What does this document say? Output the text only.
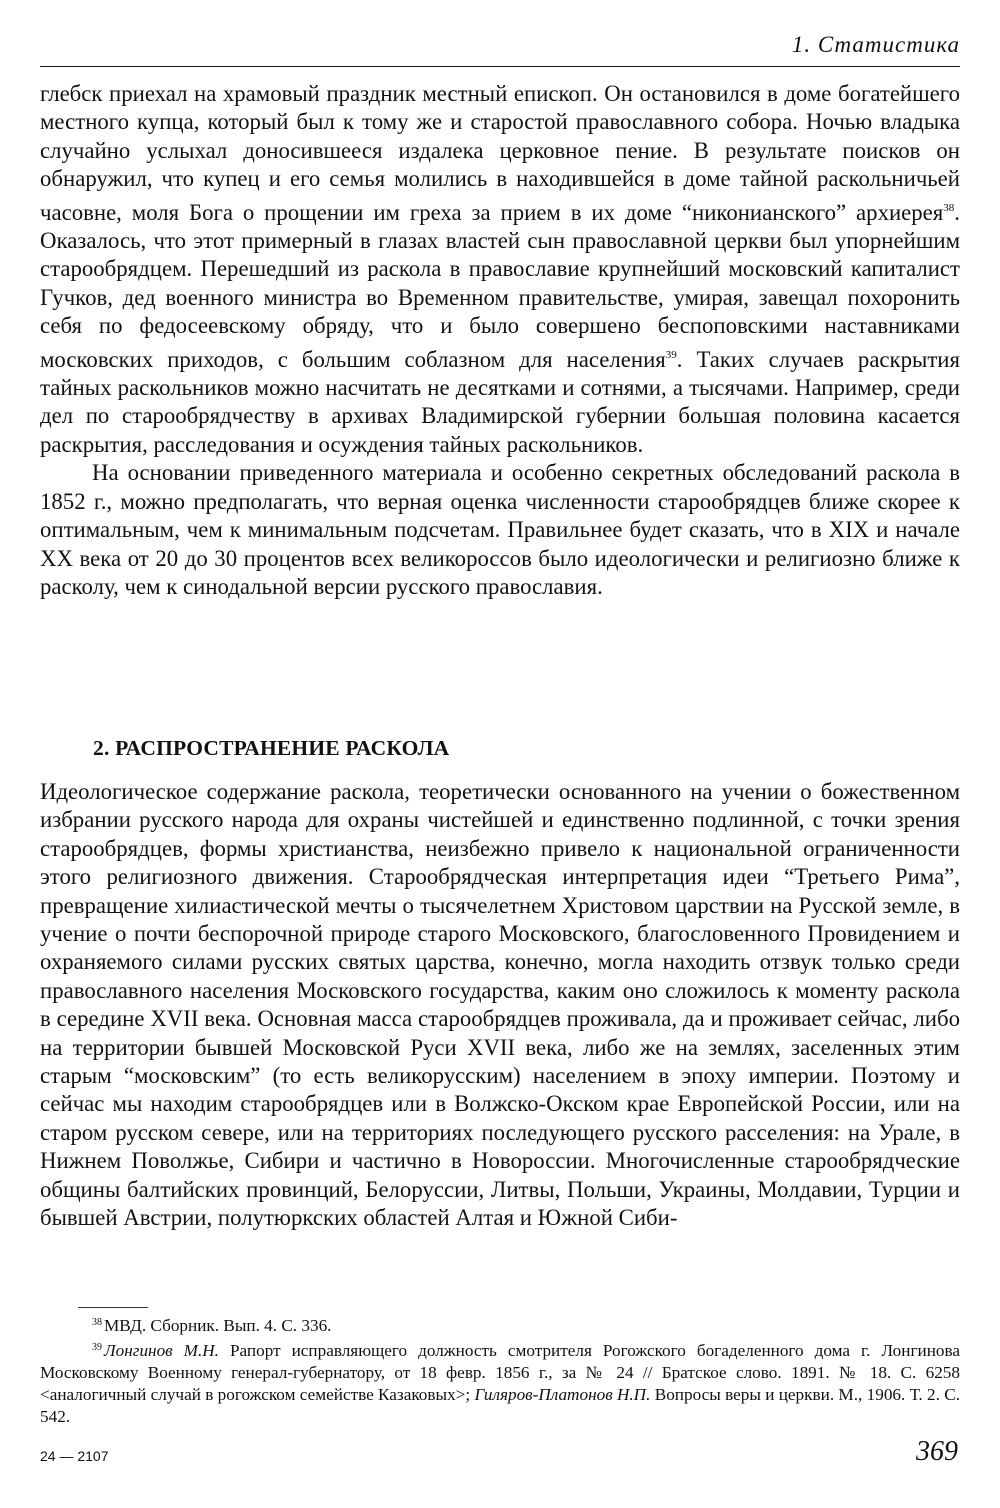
1. Статистика

глебск приехал на храмовый праздник местный епископ. Он остановился в доме богатейшего местного купца, который был к тому же и старостой православного собора. Ночью владыка случайно услыхал доносившееся издалека церковное пение. В результате поисков он обнаружил, что купец и его семья молились в находившейся в доме тайной раскольничьей часовне, моля Бога о прощении им греха за прием в их доме “никонианского” архиерея$^{38}$. Оказалось, что этот примерный в глазах властей сын православной церкви был упорнейшим старообрядцем. Перешедший из раскола в православие крупнейший московский капиталист Гучков, дед военного министра во Временном правительстве, умирая, завещал похоронить себя по федосеевскому обряду, что и было совершено беспоповскими наставниками московских приходов, с большим соблазном для населения$^{39}$. Таких случаев раскрытия тайных раскольников можно насчитать не десятками и сотнями, а тысячами. Например, среди дел по старообрядчеству в архивах Владимирской губернии большая половина касается раскрытия, расследования и осуждения тайных раскольников.

На основании приведенного материала и особенно секретных обследований раскола в 1852 г., можно предполагать, что верная оценка численности старообрядцев ближе скорее к оптимальным, чем к минимальным подсчетам. Правильнее будет сказать, что в XIX и начале XX века от 20 до 30 процентов всех великороссов было идеологически и религиозно ближе к расколу, чем к синодальной версии русского православия.

2. РАСПРОСТРАНЕНИЕ РАСКОЛА

Идеологическое содержание раскола, теоретически основанного на учении о божественном избрании русского народа для охраны чистейшей и единственно подлинной, с точки зрения старообрядцев, формы христианства, неизбежно привело к национальной ограниченности этого религиозного движения. Старообрядческая интерпретация идеи “Третьего Рима”, превращение хилиастической мечты о тысячелетнем Христовом царствии на Русской земле, в учение о почти беспорочной природе старого Московского, благословенного Провидением и охраняемого силами русских святых царства, конечно, могла находить отзвук только среди православного населения Московского государства, каким оно сложилось к моменту раскола в середине XVII века. Основная масса старообрядцев проживала, да и проживает сейчас, либо на территории бывшей Московской Руси XVII века, либо же на землях, заселенных этим старым “московским” (то есть великорусским) населением в эпоху империи. Поэтому и сейчас мы находим старообрядцев или в Волжско-Окском крае Европейской России, или на старом русском севере, или на территориях последующего русского расселения: на Урале, в Нижнем Поволжье, Сибири и частично в Новороссии. Многочисленные старообрядческие общины балтийских провинций, Белоруссии, Литвы, Польши, Украины, Молдавии, Турции и бывшей Австрии, полутюркских областей Алтая и Южной Сиби-

$^{38}$ МВД. Сборник. Вып. 4. С. 336.

$^{39}$ Лонгинов М.Н. Рапорт исправляющего должность смотрителя Рогожского богаделенного дома г. Лонгинова Московскому Военному генерал-губернатору, от 18 февр. 1856 г., за № 24 // Братское слово. 1891. № 18. С. 6258 <аналогичный случай в рогожском семействе Казаковых>; Гиляров-Платонов Н.П. Вопросы веры и церкви. М., 1906. Т. 2. С. 542.

24 — 2107	369
